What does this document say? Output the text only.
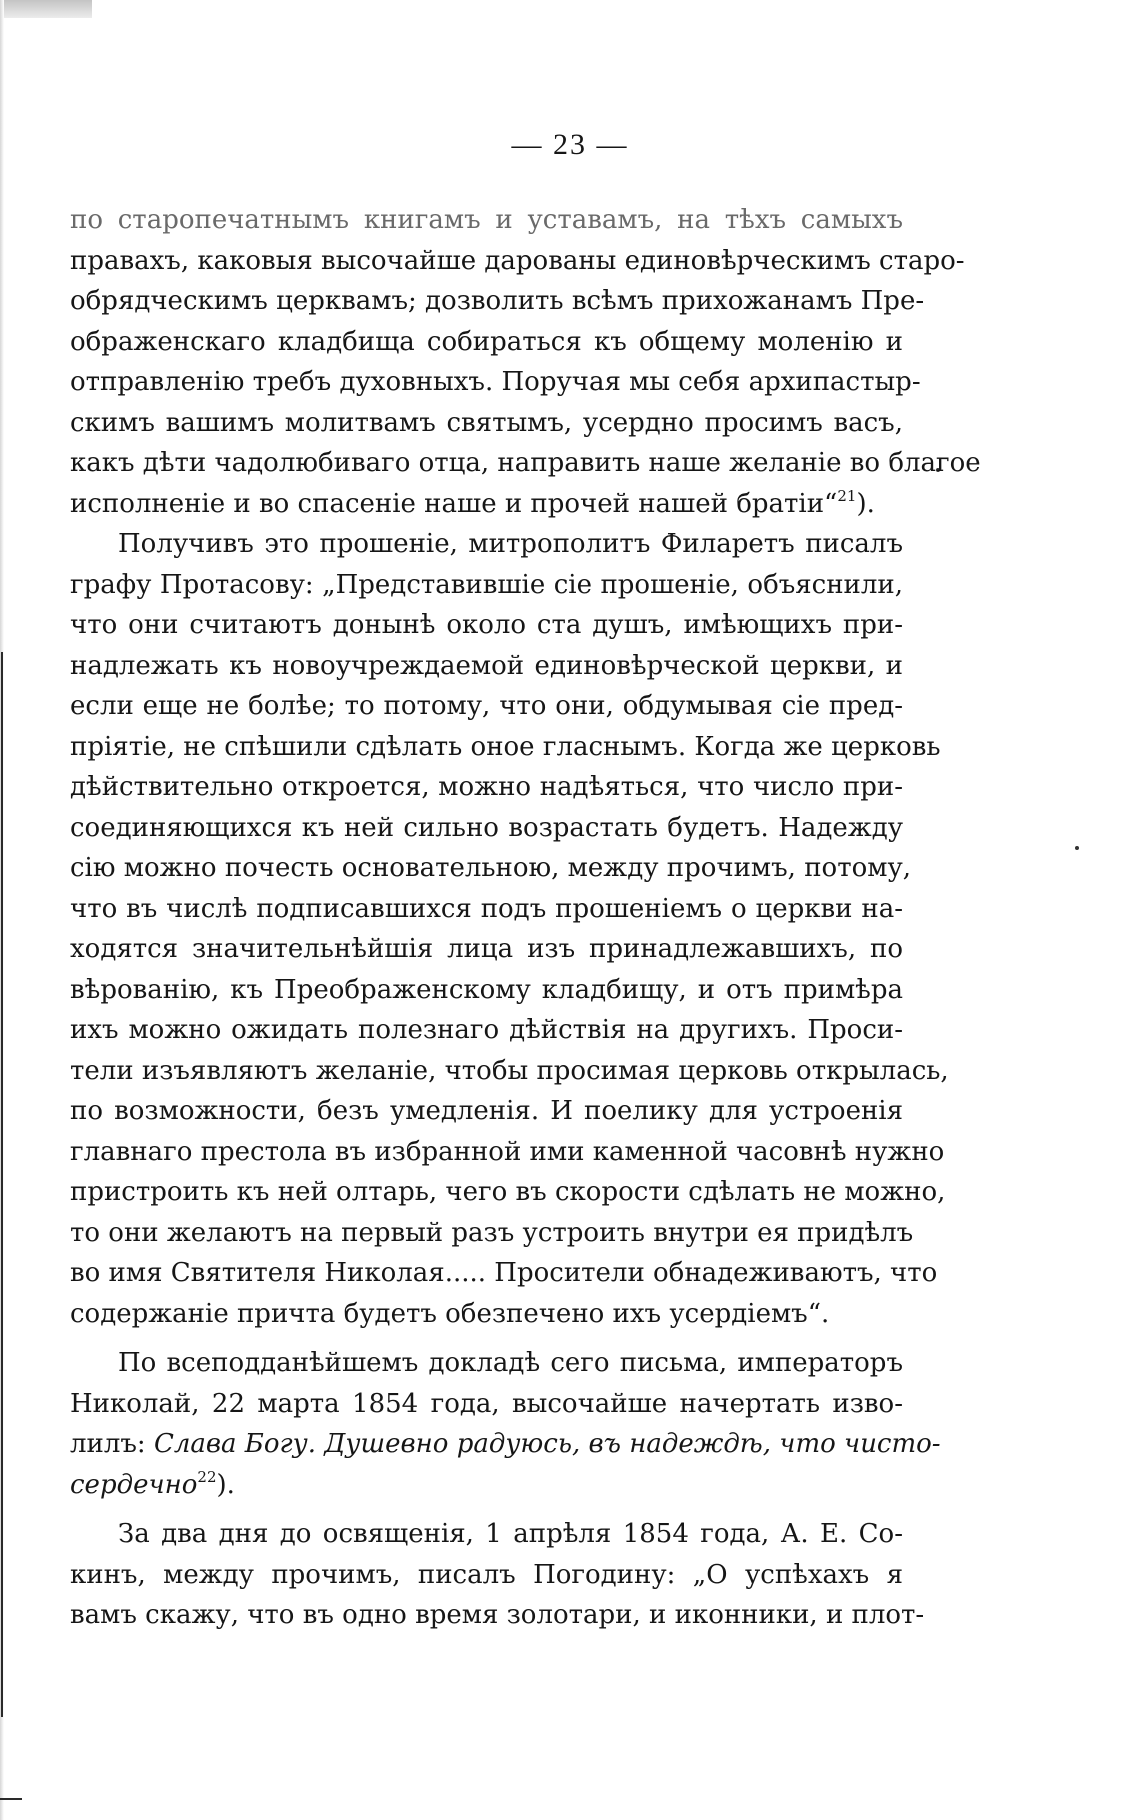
— 23 —
по старопечатнымъ книгамъ и уставамъ, на тѣхъ самыхъ
правахъ, каковыя высочайше дарованы единовѣрческимъ старо-
обрядческимъ церквамъ; дозволить всѣмъ прихожанамъ Пре-
ображенскаго кладбища собираться къ общему моленію и
отправленію требъ духовныхъ. Поручая мы себя архипастыр-
скимъ вашимъ молитвамъ святымъ, усердно просимъ васъ,
какъ дѣти чадолюбиваго отца, направить наше желаніе во благое
исполненіе и во спасеніе наше и прочей нашей братіи“$^{21}$).
Получивъ это прошеніе, митрополитъ Филаретъ писалъ
графу Протасову: „Представившіе сіе прошеніе, объяснили,
что они считаютъ донынѣ около ста душъ, имѣющихъ при-
надлежать къ новоучреждаемой единовѣрческой церкви, и
если еще не болѣе; то потому, что они, обдумывая сіе пред-
пріятіе, не спѣшили сдѣлать оное гласнымъ. Когда же церковь
дѣйствительно откроется, можно надѣяться, что число при-
соединяющихся къ ней сильно возрастать будетъ. Надежду
сію можно почесть основательною, между прочимъ, потому,
что въ числѣ подписавшихся подъ прошеніемъ о церкви на-
ходятся значительнѣйшія лица изъ принадлежавшихъ, по
вѣрованію, къ Преображенскому кладбищу, и отъ примѣра
ихъ можно ожидать полезнаго дѣйствія на другихъ. Проси-
тели изъявляютъ желаніе, чтобы просимая церковь открылась,
по возможности, безъ умедленія. И поелику для устроенія
главнаго престола въ избранной ими каменной часовнѣ нужно
пристроить къ ней олтарь, чего въ скорости сдѣлать не можно,
то они желаютъ на первый разъ устроить внутри ея придѣлъ
во имя Святителя Николая..... Просители обнадеживаютъ, что
содержаніе причта будетъ обезпечено ихъ усердіемъ“.
По всеподданѣйшемъ докладѣ сего письма, императоръ
Николай, 22 марта 1854 года, высочайше начертать изво-
лилъ: Слава Богу. Душевно радуюсь, въ надеждѣ, что чисто-
сердечно$^{22}$).
За два дня до освященія, 1 апрѣля 1854 года, А. Е. Со-
кинъ, между прочимъ, писалъ Погодину: „О успѣхахъ я
вамъ скажу, что въ одно время золотари, и иконники, и плот-
